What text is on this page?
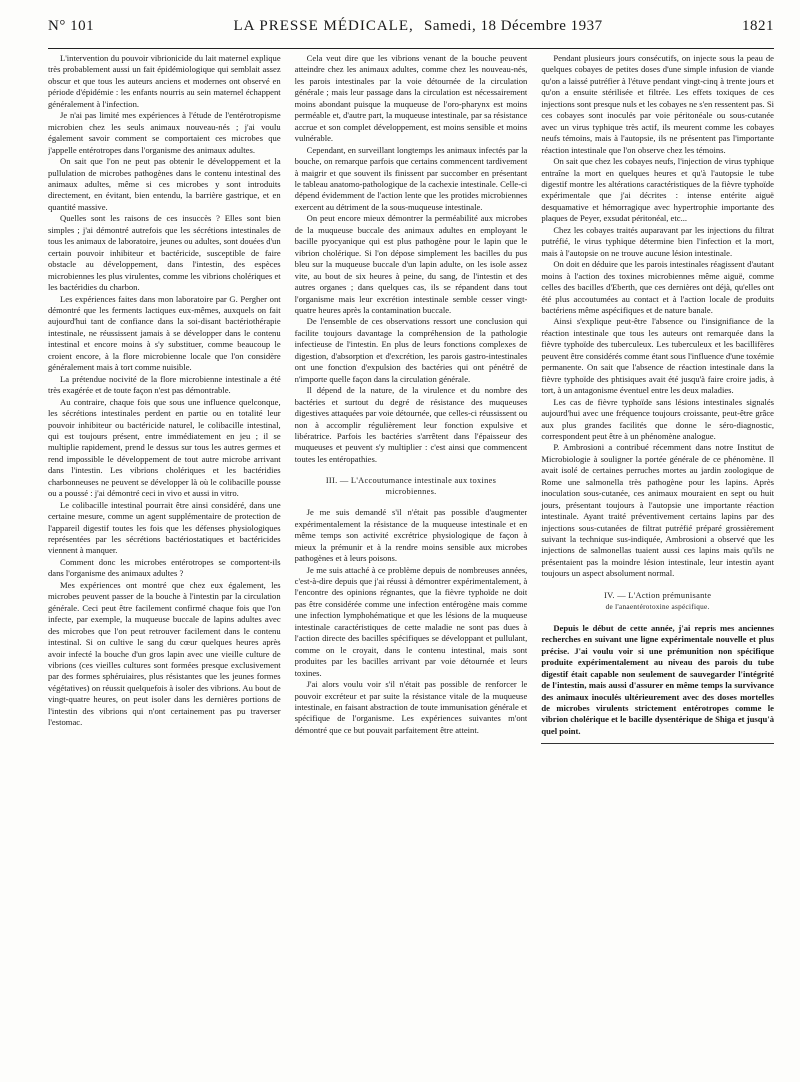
N° 101	LA PRESSE MÉDICALE, Samedi, 18 Décembre 1937	1821

L'intervention du pouvoir vibrionicide du lait maternel explique très probablement aussi un fait épidémiologique qui semblait assez obscur et que tous les auteurs anciens et modernes ont observé en période d'épidémie : les enfants nourris au sein maternel échappent généralement à l'infection.

Je n'ai pas limité mes expériences à l'étude de l'entérotropisme microbien chez les seuls animaux nouveau-nés ; j'ai voulu également savoir comment se comportaient ces microbes que j'appelle entérotropes dans l'organisme des animaux adultes.

On sait que l'on ne peut pas obtenir le développement et la pullulation de microbes pathogènes dans le contenu intestinal des animaux adultes, même si ces microbes y sont introduits directement, en évitant, bien entendu, la barrière gastrique, et en quantité massive.

Quelles sont les raisons de ces insuccès ? Elles sont bien simples ; j'ai démontré autrefois que les sécrétions intestinales de tous les animaux de laboratoire, jeunes ou adultes, sont douées d'un certain pouvoir inhibiteur et bactéricide, susceptible de faire obstacle au développement, dans l'intestin, des espèces microbiennes les plus virulentes, comme les vibrions cholériques et les bactéridies du charbon.

Les expériences faites dans mon laboratoire par G. Pergher ont démontré que les ferments lactiques eux-mêmes, auxquels on fait aujourd'hui tant de confiance dans la soi-disant bactériothérapie intestinale, ne réussissent jamais à se développer dans le contenu intestinal et encore moins à s'y substituer, comme beaucoup le croient encore, à la flore microbienne locale que l'on considère généralement mais à tort comme nuisible.

La prétendue nocivité de la flore microbienne intestinale a été très exagérée et de toute façon n'est pas démontrable.

Au contraire, chaque fois que sous une influence quelconque, les sécrétions intestinales perdent en partie ou en totalité leur pouvoir inhibiteur ou bactéricide naturel, le colibacille intestinal, qui est toujours présent, entre immédiatement en jeu ; il se multiplie rapidement, prend le dessus sur tous les autres germes et rend impossible le développement de tout autre microbe arrivant dans l'intestin. Les vibrions cholériques et les bactéridies charbonneuses ne peuvent se développer là où le colibacille pousse ou a poussé : j'ai démontré ceci in vivo et aussi in vitro.

Le colibacille intestinal pourrait être ainsi considéré, dans une certaine mesure, comme un agent supplémentaire de protection de l'appareil digestif toutes les fois que les défenses physiologiques représentées par les sécrétions bactériostatiques et bactéricides viennent à manquer.

Comment donc les microbes entérotropes se comportent-ils dans l'organisme des animaux adultes ?

Mes expériences ont montré que chez eux également, les microbes peuvent passer de la bouche à l'intestin par la circulation générale. Ceci peut être facilement confirmé chaque fois que l'on infecte, par exemple, la muqueuse buccale de lapins adultes avec des microbes que l'on peut retrouver facilement dans le contenu intestinal. Si on cultive le sang du cœur quelques heures après avoir infecté la bouche d'un gros lapin avec une vieille culture de vibrions (ces vieilles cultures sont formées presque exclusivement par des formes sphéruiaires, plus résistantes que les jeunes formes végétatives) on réussit quelquefois à isoler des vibrions. Au bout de vingt-quatre heures, on peut isoler dans les dernières portions de l'intestin des vibrions qui n'ont certainement pas pu traverser l'estomac.

Cela veut dire que les vibrions venant de la bouche peuvent atteindre chez les animaux adultes, comme chez les nouveau-nés, les parois intestinales par la voie détournée de la circulation générale ; mais leur passage dans la circulation est nécessairement moins abondant puisque la muqueuse de l'oro-pharynx est moins perméable et, d'autre part, la muqueuse intestinale, par sa résistance accrue et son complet développement, est moins sensible et moins vulnérable.

Cependant, en surveillant longtemps les animaux infectés par la bouche, on remarque parfois que certains commencent tardivement à maigrir et que souvent ils finissent par succomber en présentant le tableau anatomo-pathologique de la cachexie intestinale. Celle-ci dépend évidemment de l'action lente que les protides microbiennes exercent au détriment de la sous-muqueuse intestinale.

On peut encore mieux démontrer la perméabilité aux microbes de la muqueuse buccale des animaux adultes en employant le bacille pyocyanique qui est plus pathogène pour le lapin que le vibrion cholérique. Si l'on dépose simplement les bacilles du pus bleu sur la muqueuse buccale d'un lapin adulte, on les isole assez vite, au bout de six heures à peine, du sang, de l'intestin et des autres organes ; dans quelques cas, ils se répandent dans tout l'organisme mais leur excrétion intestinale semble cesser vingt-quatre heures après la contamination buccale.

De l'ensemble de ces observations ressort une conclusion qui facilite toujours davantage la compréhension de la pathologie infectieuse de l'intestin. En plus de leurs fonctions complexes de digestion, d'absorption et d'excrétion, les parois gastro-intestinales ont une fonction d'expulsion des bactéries qui ont pénétré de n'importe quelle façon dans la circulation générale.

Il dépend de la nature, de la virulence et du nombre des bactéries et surtout du degré de résistance des muqueuses digestives attaquées par voie détournée, que celles-ci réussissent ou non à accomplir régulièrement leur fonction expulsive et libératrice. Parfois les bactéries s'arrêtent dans l'épaisseur des muqueuses et peuvent s'y multiplier : c'est ainsi que commencent toutes les entéropathies.

III. — L'Accoutumance intestinale aux toxines microbiennes.

Je me suis demandé s'il n'était pas possible d'augmenter expérimentalement la résistance de la muqueuse intestinale et en même temps son activité excrétrice physiologique de façon à mieux la prémunir et à la rendre moins sensible aux microbes pathogènes et à leurs poisons.

Je me suis attaché à ce problème depuis de nombreuses années, c'est-à-dire depuis que j'ai réussi à démontrer expérimentalement, à l'encontre des opinions régnantes, que la fièvre typhoïde ne doit pas être considérée comme une infection entérogène mais comme une infection lymphohématique et que les lésions de la muqueuse intestinale caractéristiques de cette maladie ne sont pas dues à l'action directe des bacilles spécifiques se développant et pullulant, comme on le croyait, dans le contenu intestinal, mais sont produites par les bacilles arrivant par voie détournée et leurs toxines.

J'ai alors voulu voir s'il n'était pas possible de renforcer le pouvoir excréteur et par suite la résistance vitale de la muqueuse intestinale, en faisant abstraction de toute immunisation générale et spécifique de l'organisme. Les expériences suivantes m'ont démontré que ce but pouvait parfaitement être atteint.

Pendant plusieurs jours consécutifs, on injecte sous la peau de quelques cobayes de petites doses d'une simple infusion de viande qu'on a laissé putréfier à l'étuve pendant vingt-cinq à trente jours et qu'on a ensuite stérilisée et filtrée. Les effets toxiques de ces injections sont presque nuls et les cobayes ne s'en ressentent pas. Si ces cobayes sont inoculés par voie péritonéale ou sous-cutanée avec un virus typhique très actif, ils meurent comme les cobayes neufs témoins, mais à l'autopsie, ils ne présentent pas l'importante réaction intestinale que l'on observe chez les témoins.

On sait que chez les cobayes neufs, l'injection de virus typhique entraîne la mort en quelques heures et qu'à l'autopsie le tube digestif montre les altérations caractéristiques de la fièvre typhoïde expérimentale que j'ai décrites : intense entérite aiguë desquamative et hémorragique avec hypertrophie importante des plaques de Peyer, exsudat péritonéal, etc...

Chez les cobayes traités auparavant par les injections du filtrat putréfié, le virus typhique détermine bien l'infection et la mort, mais à l'autopsie on ne trouve aucune lésion intestinale.

On doit en déduire que les parois intestinales réagissent d'autant moins à l'action des toxines microbiennes même aiguë, comme celles des bacilles d'Eberth, que ces dernières ont déjà, qu'elles ont été plus accoutumées au contact et à l'action locale de produits bactériens même aspécifiques et de nature banale.

Ainsi s'explique peut-être l'absence ou l'insignifiance de la réaction intestinale que tous les auteurs ont remarquée dans la fièvre typhoïde des tuberculeux. Les tuberculeux et les bacillifères peuvent être considérés comme étant sous l'influence d'une toxémie permanente. On sait que l'absence de réaction intestinale dans la fièvre typhoïde des phtisiques avait été jusqu'à faire croire jadis, à tort, à un antagonisme éventuel entre les deux maladies.

Les cas de fièvre typhoïde sans lésions intestinales signalés aujourd'hui avec une fréquence toujours croissante, peut-être grâce aux plus grandes facilités que donne le séro-diagnostic, correspondent peut être à un phénomène analogue.

P. Ambrosioni a contribué récemment dans notre Institut de Microbiologie à souligner la portée générale de ce phénomène. Il avait isolé de certaines perruches mortes au jardin zoologique de Rome une salmonella très pathogène pour les lapins. Après inoculation sous-cutanée, ces animaux mouraient en sept ou huit jours, présentant toujours à l'autopsie une importante réaction intestinale. Ayant traité préventivement certains lapins par des injections sous-cutanées de filtrat putréfié préparé grossièrement suivant la technique sus-indiquée, Ambrosioni a observé que les injections de salmonellas tuaient aussi ces lapins mais qu'ils ne présentaient pas la moindre lésion intestinale, leur intestin ayant toujours un aspect absolument normal.

IV. — L'Action prémunisante
de l'anaentérotoxine aspécifique.

Depuis le début de cette année, j'ai repris mes anciennes recherches en suivant une ligne expérimentale nouvelle et plus précise. J'ai voulu voir si une prémunition non spécifique produite expérimentalement au niveau des parois du tube digestif était capable non seulement de sauvegarder l'intégrité de l'intestin, mais aussi d'assurer en même temps la survivance des animaux inoculés ultérieurement avec des doses mortelles de microbes virulents strictement entérotropes comme le vibrion cholérique et le bacille dysentérique de Shiga et jusqu'à quel point.
